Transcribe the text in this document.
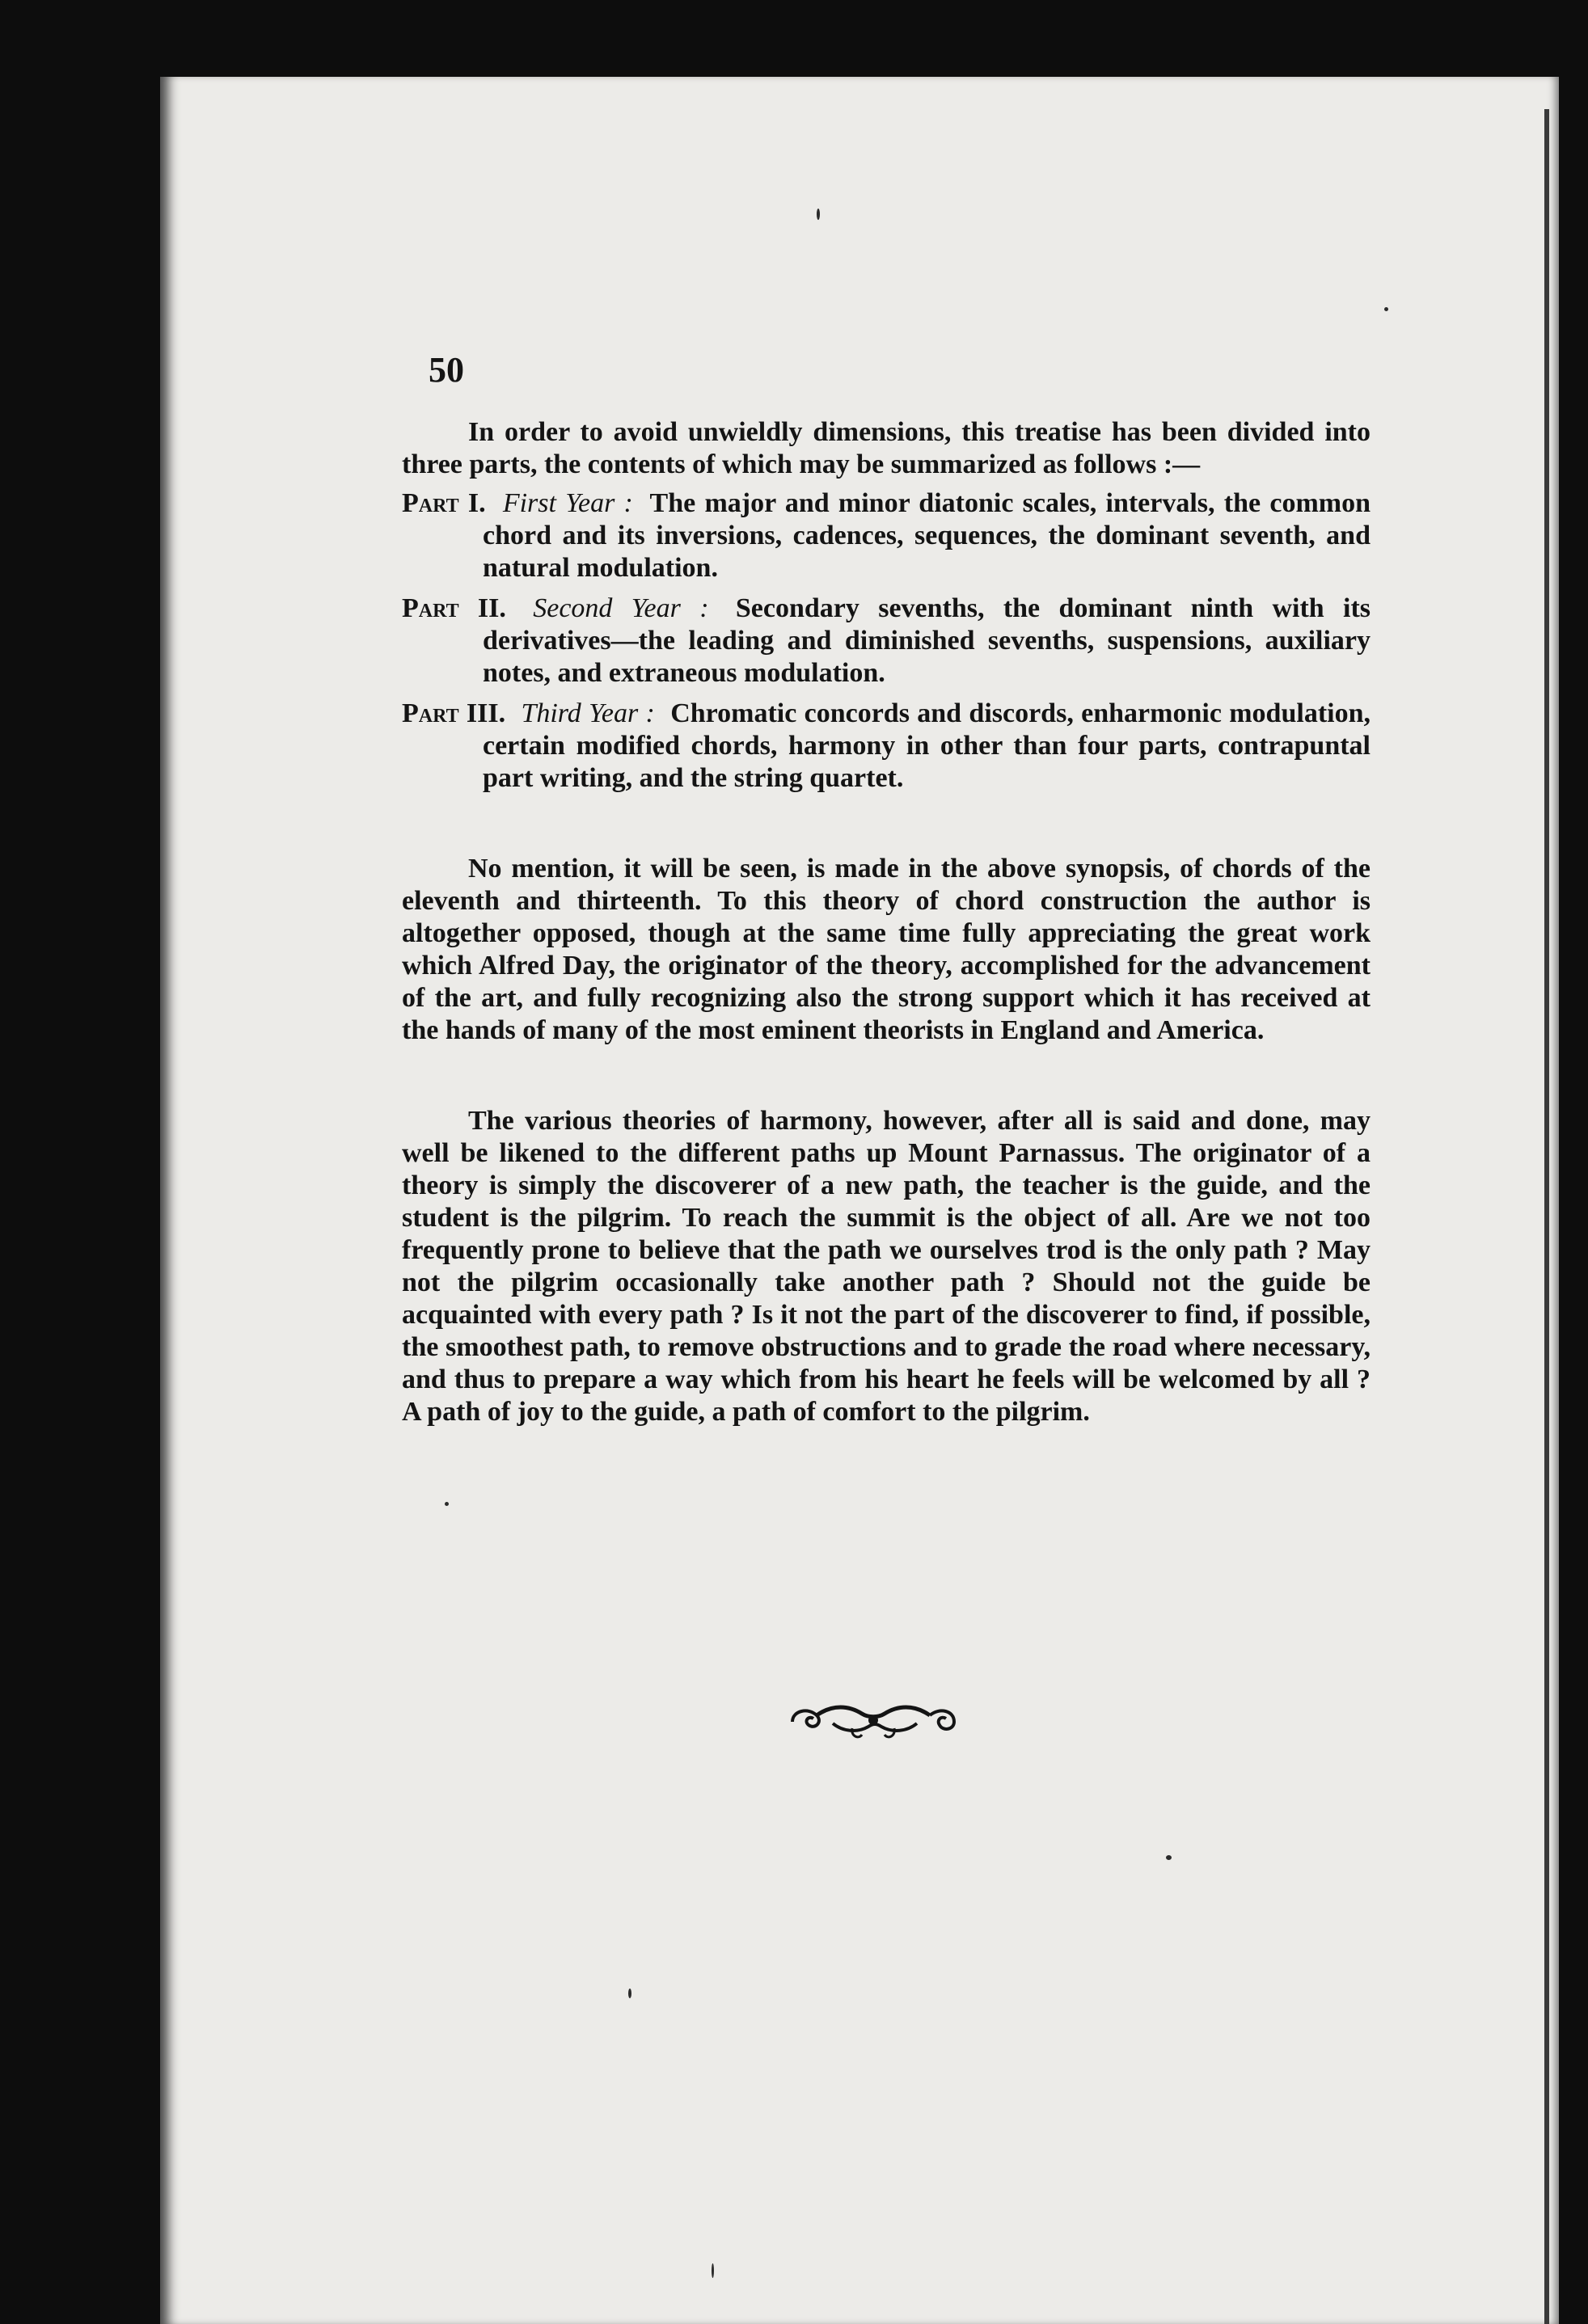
50

In order to avoid unwieldly dimensions, this treatise has been divided into three parts, the contents of which may be summarized as follows :—

Part I. First Year : The major and minor diatonic scales, intervals, the common chord and its inversions, cadences, sequences, the dominant seventh, and natural modulation.

Part II. Second Year : Secondary sevenths, the dominant ninth with its derivatives—the leading and diminished sevenths, suspensions, auxiliary notes, and extraneous modulation.

Part III. Third Year : Chromatic concords and discords, enharmonic modulation, certain modified chords, harmony in other than four parts, contrapuntal part writing, and the string quartet.

No mention, it will be seen, is made in the above synopsis, of chords of the eleventh and thirteenth. To this theory of chord construction the author is altogether opposed, though at the same time fully appreciating the great work which Alfred Day, the originator of the theory, accomplished for the advancement of the art, and fully recognizing also the strong support which it has received at the hands of many of the most eminent theorists in England and America.

The various theories of harmony, however, after all is said and done, may well be likened to the different paths up Mount Parnassus. The originator of a theory is simply the discoverer of a new path, the teacher is the guide, and the student is the pilgrim. To reach the summit is the object of all. Are we not too frequently prone to believe that the path we ourselves trod is the only path ? May not the pilgrim occasionally take another path ? Should not the guide be acquainted with every path ? Is it not the part of the discoverer to find, if possible, the smoothest path, to remove obstructions and to grade the road where necessary, and thus to prepare a way which from his heart he feels will be welcomed by all ? A path of joy to the guide, a path of comfort to the pilgrim.
